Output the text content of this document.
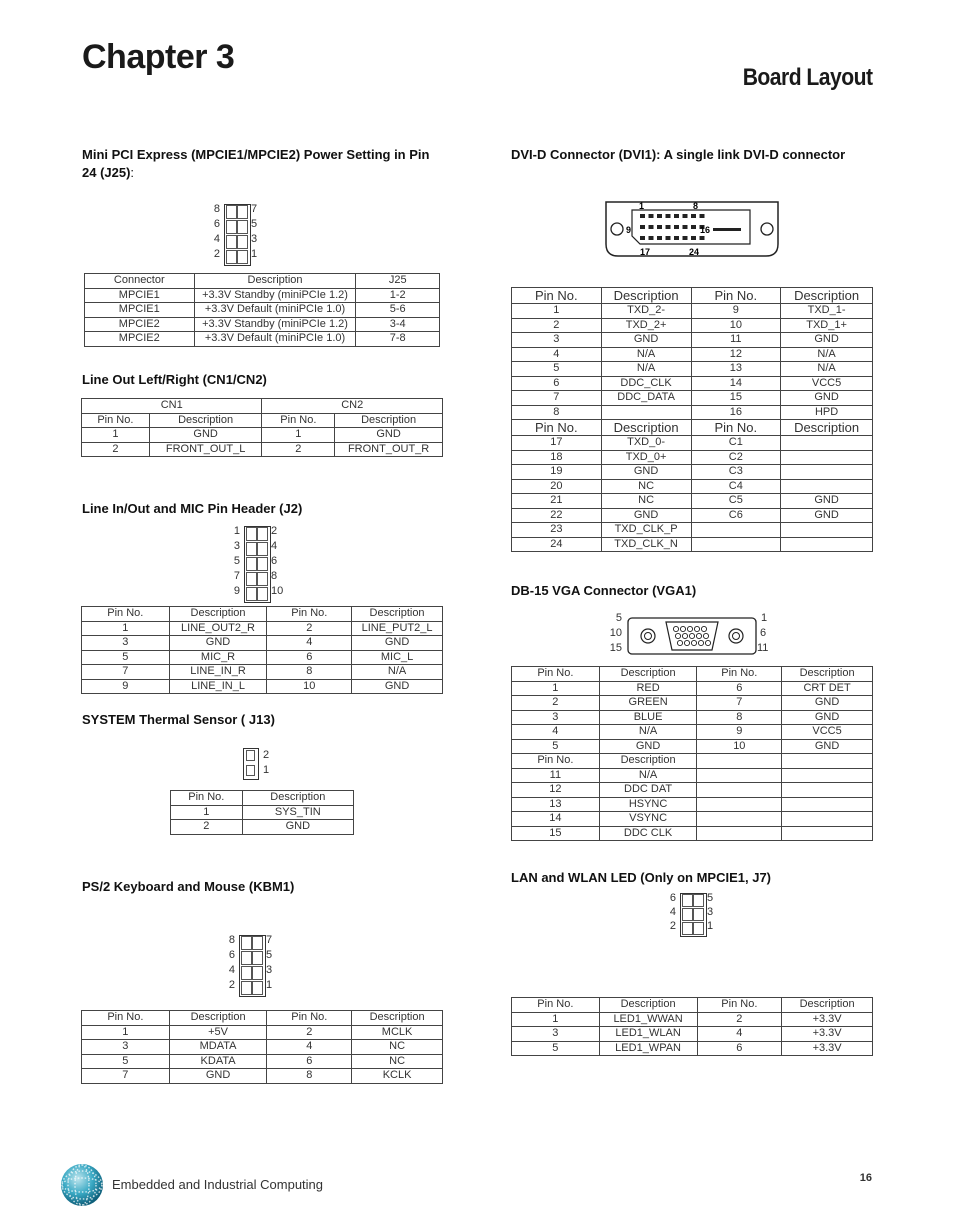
Chapter 3
Board Layout
Mini PCI Express (MPCIE1/MPCIE2) Power Setting in Pin 24 (J25):
8	7
6	5
4	3
2	1
Connector	Description	J25
MPCIE1	+3.3V Standby (miniPCIe 1.2)	1-2
MPCIE1	+3.3V Default (miniPCIe 1.0)	5-6
MPCIE2	+3.3V Standby (miniPCIe 1.2)	3-4
MPCIE2	+3.3V Default (miniPCIe 1.0)	7-8
Line Out Left/Right (CN1/CN2)
CN1		CN2	
Pin No.	Description	Pin No.	Description
1	GND	1	GND
2	FRONT_OUT_L	2	FRONT_OUT_R
Line In/Out and MIC Pin Header (J2)
1	2
3	4
5	6
7	8
9	10
Pin No.	Description	Pin No.	Description
1	LINE_OUT2_R	2	LINE_PUT2_L
3	GND	4	GND
5	MIC_R	6	MIC_L
7	LINE_IN_R	8	N/A
9	LINE_IN_L	10	GND
SYSTEM Thermal Sensor ( J13)
2
1
Pin No.	Description
1	SYS_TIN
2	GND
PS/2 Keyboard and Mouse (KBM1)
8	7
6	5
4	3
2	1
Pin No.	Description	Pin No.	Description
1	+5V	2	MCLK
3	MDATA	4	NC
5	KDATA	6	NC
7	GND	8	KCLK
DVI-D Connector (DVI1): A single link DVI-D connector
1	8
9	16
17	24
Pin No.	Description	Pin No.	Description
1	TXD_2-	9	TXD_1-
2	TXD_2+	10	TXD_1+
3	GND	11	GND
4	N/A	12	N/A
5	N/A	13	N/A
6	DDC_CLK	14	VCC5
7	DDC_DATA	15	GND
8		16	HPD
Pin No.	Description	Pin No.	Description
17	TXD_0-	C1	
18	TXD_0+	C2	
19	GND	C3	
20	NC	C4	
21	NC	C5	GND
22	GND	C6	GND
23	TXD_CLK_P		
24	TXD_CLK_N		
DB-15 VGA Connector (VGA1)
5
10
15
1
6
11
Pin No.	Description	Pin No.	Description
1	RED	6	CRT DET
2	GREEN	7	GND
3	BLUE	8	GND
4	N/A	9	VCC5
5	GND	10	GND
Pin No.	Description		
11	N/A		
12	DDC DAT		
13	HSYNC		
14	VSYNC		
15	DDC CLK		
LAN and WLAN LED (Only on MPCIE1, J7)
6	5
4	3
2	1
Pin No.	Description	Pin No.	Description
1	LED1_WWAN	2	+3.3V
3	LED1_WLAN	4	+3.3V
5	LED1_WPAN	6	+3.3V
Embedded and Industrial Computing	16
